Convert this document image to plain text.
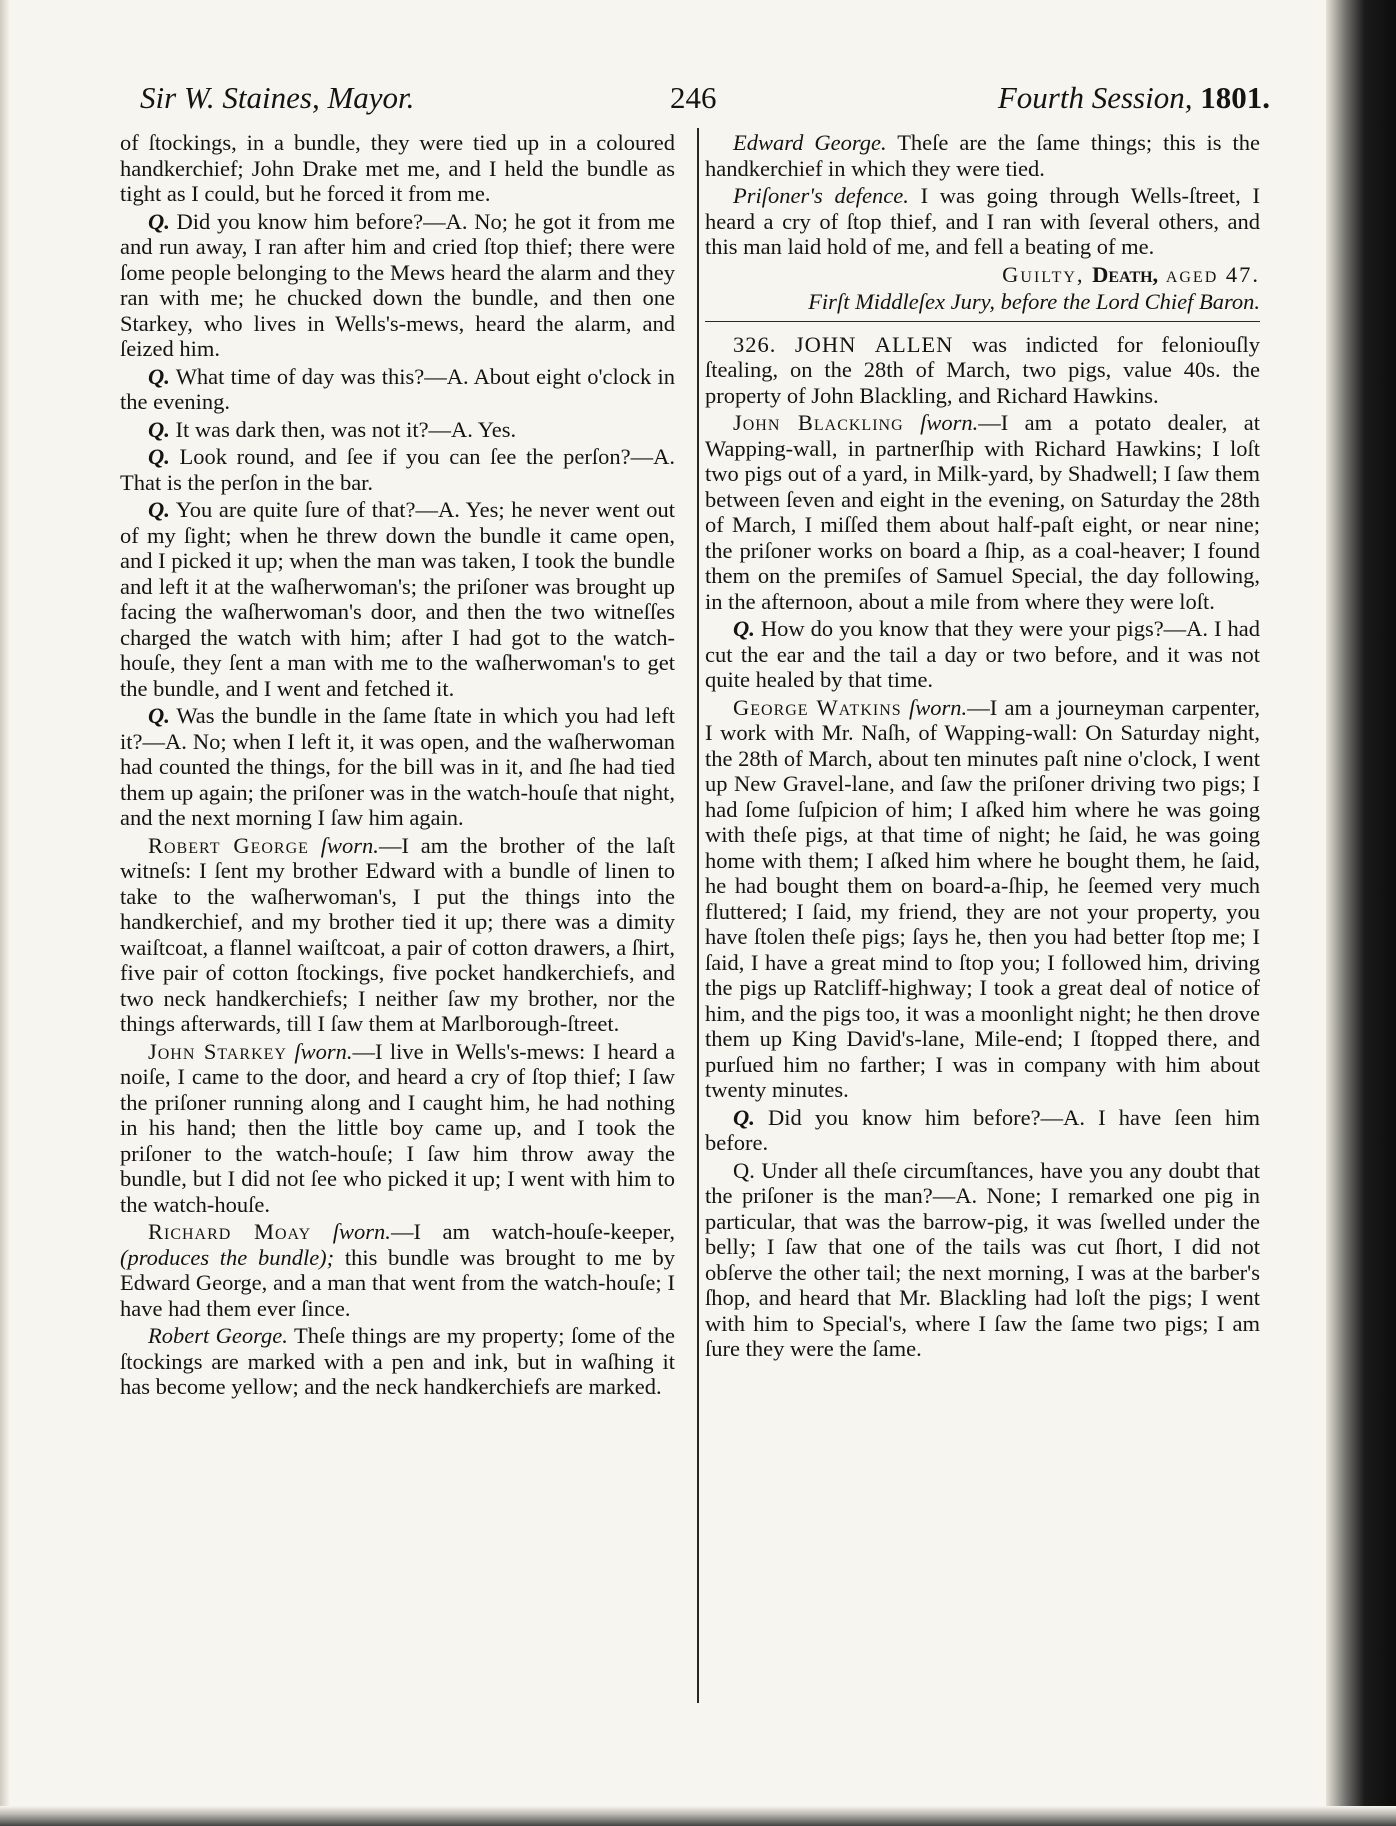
Sir W. Staines, Mayor.	246	Fourth Session, 1801.

of ſtockings, in a bundle, they were tied up in a coloured handkerchief; John Drake met me, and I held the bundle as tight as I could, but he forced it from me.

Q. Did you know him before?—A. No; he got it from me and run away, I ran after him and cried ſtop thief; there were ſome people belonging to the Mews heard the alarm and they ran with me; he chucked down the bundle, and then one Starkey, who lives in Wells's-mews, heard the alarm, and ſeized him.

Q. What time of day was this?—A. About eight o'clock in the evening.

Q. It was dark then, was not it?—A. Yes.

Q. Look round, and ſee if you can ſee the perſon?—A. That is the perſon in the bar.

Q. You are quite ſure of that?—A. Yes; he never went out of my ſight; when he threw down the bundle it came open, and I picked it up; when the man was taken, I took the bundle and left it at the waſherwoman's; the priſoner was brought up facing the waſherwoman's door, and then the two witneſſes charged the watch with him; after I had got to the watch-houſe, they ſent a man with me to the waſherwoman's to get the bundle, and I went and fetched it.

Q. Was the bundle in the ſame ſtate in which you had left it?—A. No; when I left it, it was open, and the waſherwoman had counted the things, for the bill was in it, and ſhe had tied them up again; the priſoner was in the watch-houſe that night, and the next morning I ſaw him again.

Robert George ſworn.—I am the brother of the laſt witneſs: I ſent my brother Edward with a bundle of linen to take to the waſherwoman's, I put the things into the handkerchief, and my brother tied it up; there was a dimity waiſtcoat, a flannel waiſtcoat, a pair of cotton drawers, a ſhirt, five pair of cotton ſtockings, five pocket handkerchiefs, and two neck handkerchiefs; I neither ſaw my brother, nor the things afterwards, till I ſaw them at Marlborough-ſtreet.

John Starkey ſworn.—I live in Wells's-mews: I heard a noiſe, I came to the door, and heard a cry of ſtop thief; I ſaw the priſoner running along and I caught him, he had nothing in his hand; then the little boy came up, and I took the priſoner to the watch-houſe; I ſaw him throw away the bundle, but I did not ſee who picked it up; I went with him to the watch-houſe.

Richard Moay ſworn.—I am watch-houſe-keeper, (produces the bundle); this bundle was brought to me by Edward George, and a man that went from the watch-houſe; I have had them ever ſince.

Robert George. Theſe things are my property; ſome of the ſtockings are marked with a pen and ink, but in waſhing it has become yellow; and the neck handkerchiefs are marked.

Edward George. Theſe are the ſame things; this is the handkerchief in which they were tied.

Priſoner's defence. I was going through Wells-ſtreet, I heard a cry of ſtop thief, and I ran with ſeveral others, and this man laid hold of me, and fell a beating of me.

Guilty, Death, aged 47.

Firſt Middleſex Jury, before the Lord Chief Baron.

326. JOHN ALLEN was indicted for feloniouſly ſtealing, on the 28th of March, two pigs, value 40s. the property of John Blackling, and Richard Hawkins.

John Blackling ſworn.—I am a potato dealer, at Wapping-wall, in partnerſhip with Richard Hawkins; I loſt two pigs out of a yard, in Milk-yard, by Shadwell; I ſaw them between ſeven and eight in the evening, on Saturday the 28th of March, I miſſed them about half-paſt eight, or near nine; the priſoner works on board a ſhip, as a coal-heaver; I found them on the premiſes of Samuel Special, the day following, in the afternoon, about a mile from where they were loſt.

Q. How do you know that they were your pigs?—A. I had cut the ear and the tail a day or two before, and it was not quite healed by that time.

George Watkins ſworn.—I am a journeyman carpenter, I work with Mr. Naſh, of Wapping-wall: On Saturday night, the 28th of March, about ten minutes paſt nine o'clock, I went up New Gravel-lane, and ſaw the priſoner driving two pigs; I had ſome ſuſpicion of him; I aſked him where he was going with theſe pigs, at that time of night; he ſaid, he was going home with them; I aſked him where he bought them, he ſaid, he had bought them on board-a-ſhip, he ſeemed very much fluttered; I ſaid, my friend, they are not your property, you have ſtolen theſe pigs; ſays he, then you had better ſtop me; I ſaid, I have a great mind to ſtop you; I followed him, driving the pigs up Ratcliff-highway; I took a great deal of notice of him, and the pigs too, it was a moonlight night; he then drove them up King David's-lane, Mile-end; I ſtopped there, and purſued him no farther; I was in company with him about twenty minutes.

Q. Did you know him before?—A. I have ſeen him before.

Q. Under all theſe circumſtances, have you any doubt that the priſoner is the man?—A. None; I remarked one pig in particular, that was the barrow-pig, it was ſwelled under the belly; I ſaw that one of the tails was cut ſhort, I did not obſerve the other tail; the next morning, I was at the barber's ſhop, and heard that Mr. Blackling had loſt the pigs; I went with him to Special's, where I ſaw the ſame two pigs; I am ſure they were the ſame.
